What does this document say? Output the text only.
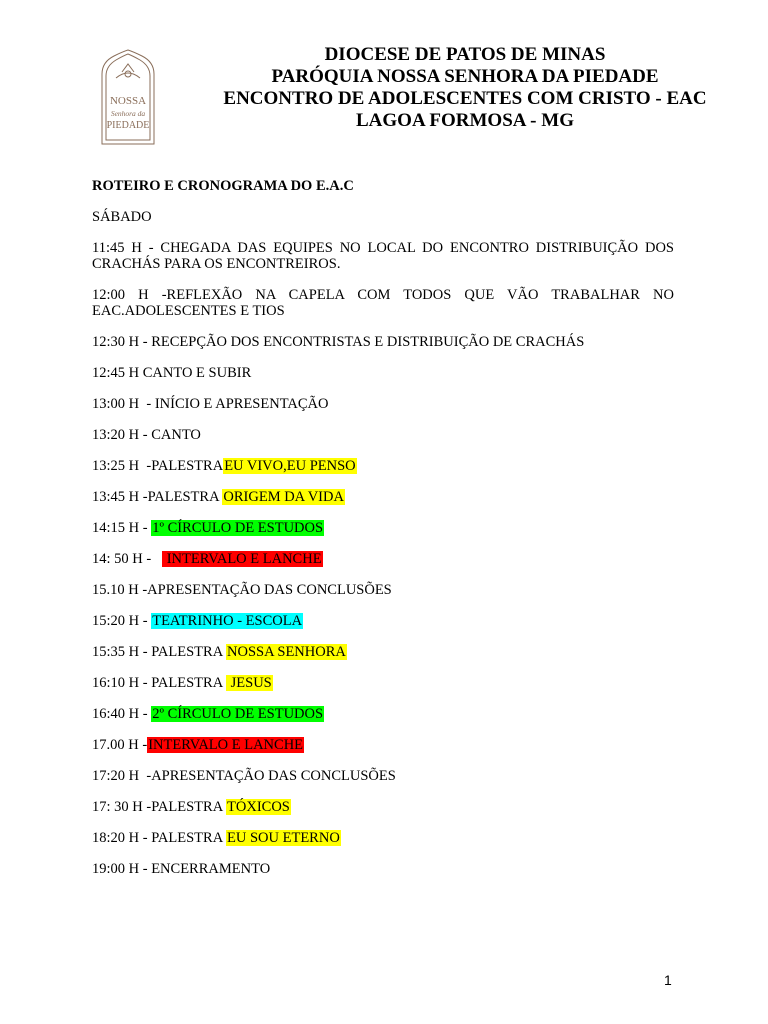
NOSSA
Senhora da
PIEDADE
DIOCESE DE PATOS DE MINAS
PARÓQUIA NOSSA SENHORA DA PIEDADE
ENCONTRO DE ADOLESCENTES COM CRISTO - EAC
LAGOA FORMOSA - MG

ROTEIRO E CRONOGRAMA DO E.A.C

SÁBADO

11:45 H - CHEGADA DAS EQUIPES NO LOCAL DO ENCONTRO DISTRIBUIÇÃO DOS CRACHÁS PARA OS ENCONTREIROS.

12:00 H -REFLEXÃO NA CAPELA COM TODOS QUE VÃO TRABALHAR NO EAC.ADOLESCENTES E TIOS

12:30 H - RECEPÇÃO DOS ENCONTRISTAS E DISTRIBUIÇÃO DE CRACHÁS

12:45 H CANTO E SUBIR

13:00 H  - INÍCIO E APRESENTAÇÃO

13:20 H - CANTO

13:25 H  -PALESTRAEU VIVO,EU PENSO

13:45 H -PALESTRA ORIGEM DA VIDA

14:15 H - 1º CÍRCULO DE ESTUDOS

14: 50 H -    INTERVALO E LANCHE

15.10 H -APRESENTAÇÃO DAS CONCLUSÕES

15:20 H - TEATRINHO - ESCOLA

15:35 H - PALESTRA NOSSA SENHORA

16:10 H - PALESTRA  JESUS

16:40 H - 2º CÍRCULO DE ESTUDOS

17.00 H -INTERVALO E LANCHE

17:20 H  -APRESENTAÇÃO DAS CONCLUSÕES

17: 30 H -PALESTRA TÓXICOS

18:20 H - PALESTRA EU SOU ETERNO

19:00 H - ENCERRAMENTO

1
